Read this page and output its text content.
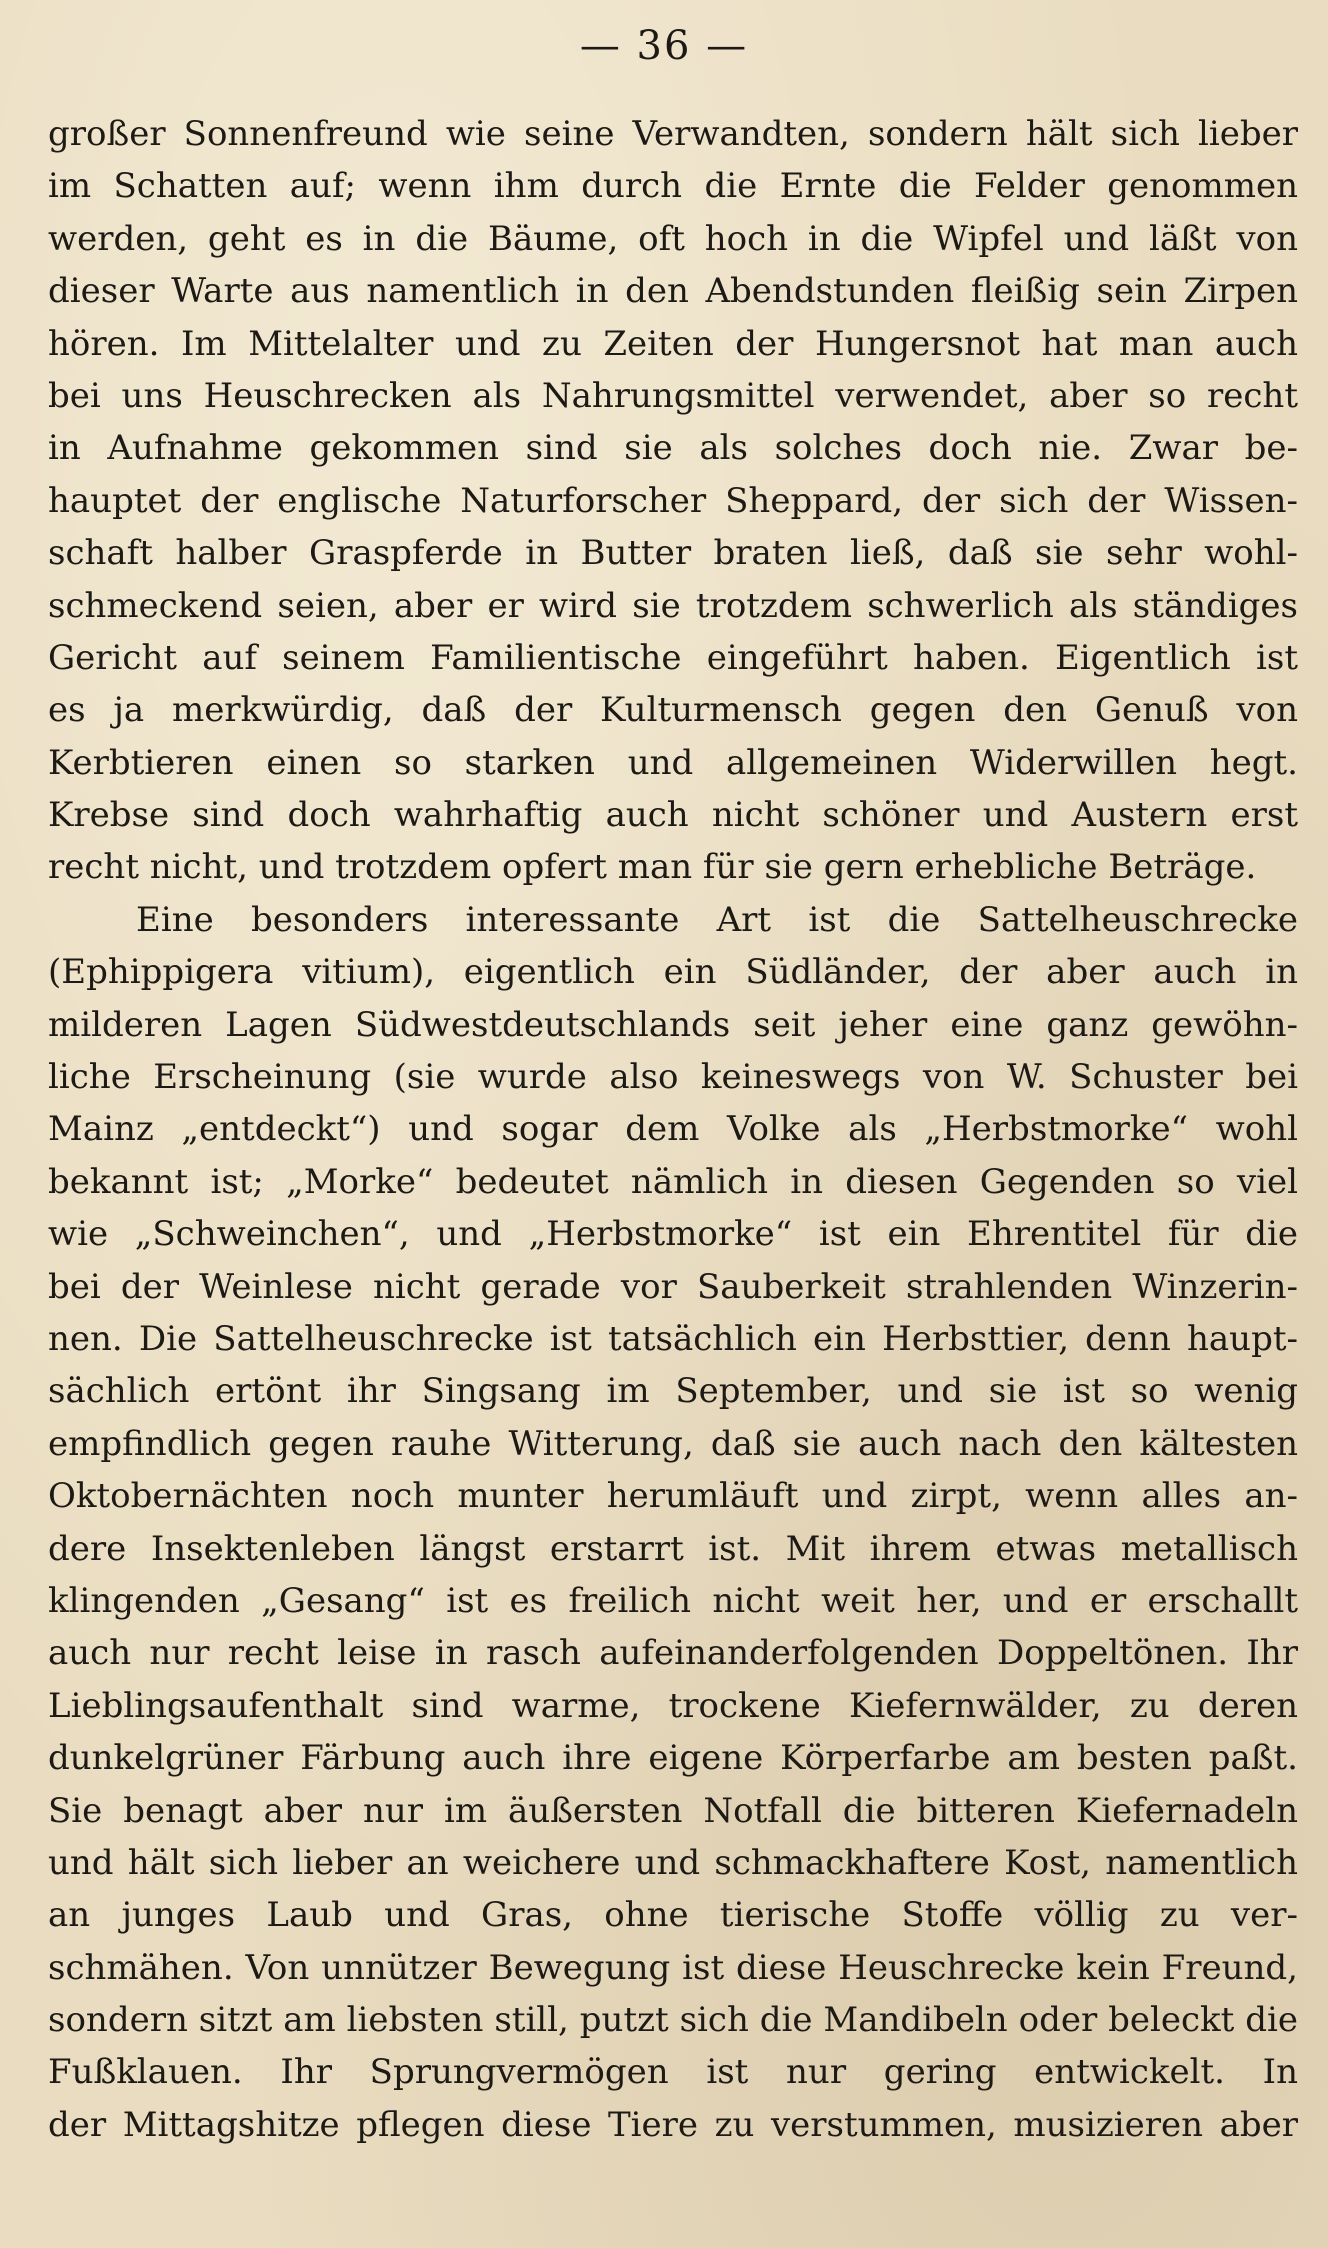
— 36 —
großer Sonnenfreund wie seine Verwandten, sondern hält sich lieber
im Schatten auf; wenn ihm durch die Ernte die Felder genommen
werden, geht es in die Bäume, oft hoch in die Wipfel und läßt von
dieser Warte aus namentlich in den Abendstunden fleißig sein Zirpen
hören. Im Mittelalter und zu Zeiten der Hungersnot hat man auch
bei uns Heuschrecken als Nahrungsmittel verwendet, aber so recht
in Aufnahme gekommen sind sie als solches doch nie. Zwar be-
hauptet der englische Naturforscher Sheppard, der sich der Wissen-
schaft halber Graspferde in Butter braten ließ, daß sie sehr wohl-
schmeckend seien, aber er wird sie trotzdem schwerlich als ständiges
Gericht auf seinem Familientische eingeführt haben. Eigentlich ist
es ja merkwürdig, daß der Kulturmensch gegen den Genuß von
Kerbtieren einen so starken und allgemeinen Widerwillen hegt.
Krebse sind doch wahrhaftig auch nicht schöner und Austern erst
recht nicht, und trotzdem opfert man für sie gern erhebliche Beträge.
Eine besonders interessante Art ist die Sattelheuschrecke
(Ephippigera vitium), eigentlich ein Südländer, der aber auch in
milderen Lagen Südwestdeutschlands seit jeher eine ganz gewöhn-
liche Erscheinung (sie wurde also keineswegs von W. Schuster bei
Mainz „entdeckt“) und sogar dem Volke als „Herbstmorke“ wohl
bekannt ist; „Morke“ bedeutet nämlich in diesen Gegenden so viel
wie „Schweinchen“, und „Herbstmorke“ ist ein Ehrentitel für die
bei der Weinlese nicht gerade vor Sauberkeit strahlenden Winzerin-
nen. Die Sattelheuschrecke ist tatsächlich ein Herbsttier, denn haupt-
sächlich ertönt ihr Singsang im September, und sie ist so wenig
empfindlich gegen rauhe Witterung, daß sie auch nach den kältesten
Oktobernächten noch munter herumläuft und zirpt, wenn alles an-
dere Insektenleben längst erstarrt ist. Mit ihrem etwas metallisch
klingenden „Gesang“ ist es freilich nicht weit her, und er erschallt
auch nur recht leise in rasch aufeinanderfolgenden Doppeltönen. Ihr
Lieblingsaufenthalt sind warme, trockene Kiefernwälder, zu deren
dunkelgrüner Färbung auch ihre eigene Körperfarbe am besten paßt.
Sie benagt aber nur im äußersten Notfall die bitteren Kiefernadeln
und hält sich lieber an weichere und schmackhaftere Kost, namentlich
an junges Laub und Gras, ohne tierische Stoffe völlig zu ver-
schmähen. Von unnützer Bewegung ist diese Heuschrecke kein Freund,
sondern sitzt am liebsten still, putzt sich die Mandibeln oder beleckt die
Fußklauen. Ihr Sprungvermögen ist nur gering entwickelt. In
der Mittagshitze pflegen diese Tiere zu verstummen, musizieren aber
